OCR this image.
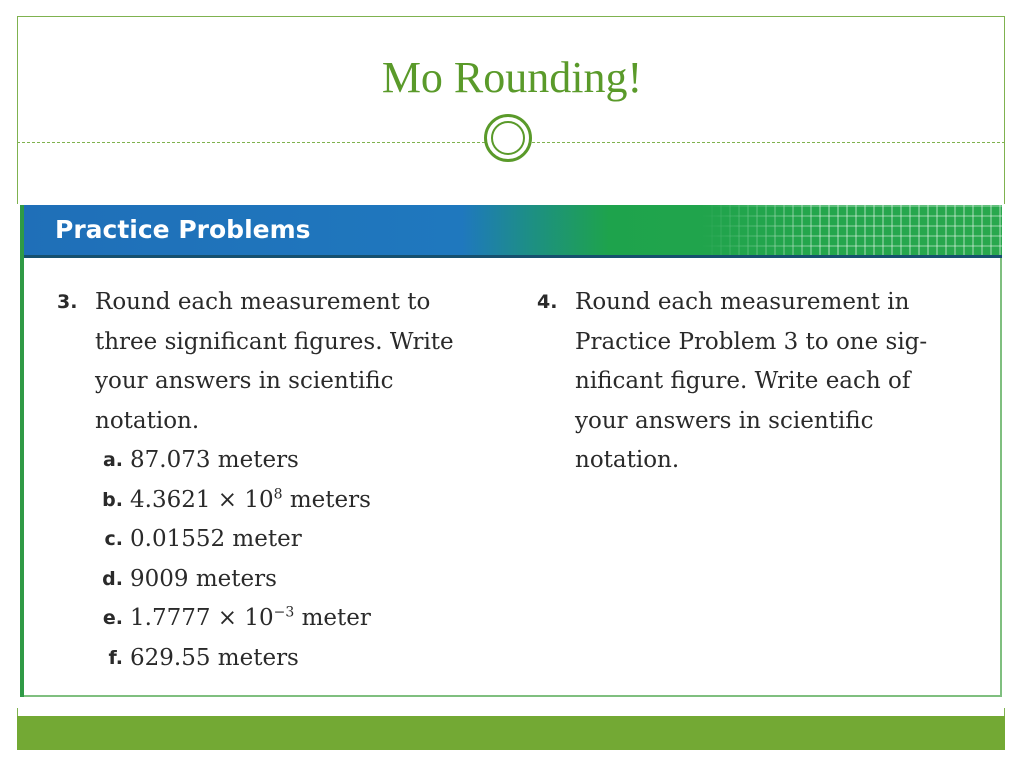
Mo Rounding!
Practice Problems
3. Round each measurement to
three significant figures. Write
your answers in scientific
notation.
a. 87.073 meters
b. $4.3621 \times 10^8$ meters
c. 0.01552 meter
d. 9009 meters
e. $1.7777 \times 10^{-3}$ meter
f. 629.55 meters
4. Round each measurement in
Practice Problem 3 to one sig-
nificant figure. Write each of
your answers in scientific
notation.
